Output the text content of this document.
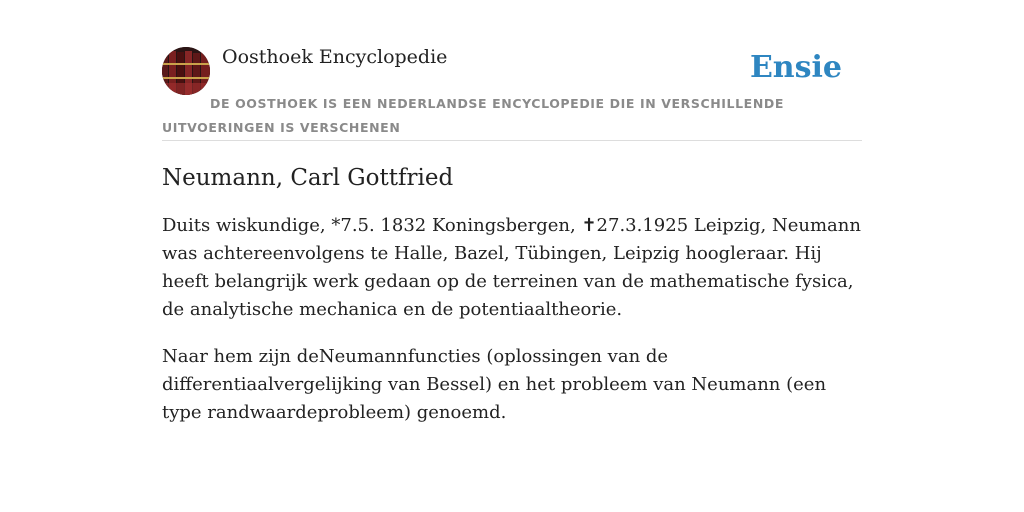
Oosthoek Encyclopedie	Ensie
DE OOSTHOEK IS EEN NEDERLANDSE ENCYCLOPEDIE DIE IN VERSCHILLENDE UITVOERINGEN IS VERSCHENEN
Neumann, Carl Gottfried

Duits wiskundige, *7.5. 1832 Koningsbergen, ✝27.3.1925 Leipzig, Neumann was achtereenvolgens te Halle, Bazel, Tübingen, Leipzig hoogleraar. Hij heeft belangrijk werk gedaan op de terreinen van de mathematische fysica, de analytische mechanica en de potentiaaltheorie.

Naar hem zijn deNeumannfuncties (oplossingen van de differentiaalvergelijking van Bessel) en het probleem van Neumann (een type randwaardeprobleem) genoemd.
